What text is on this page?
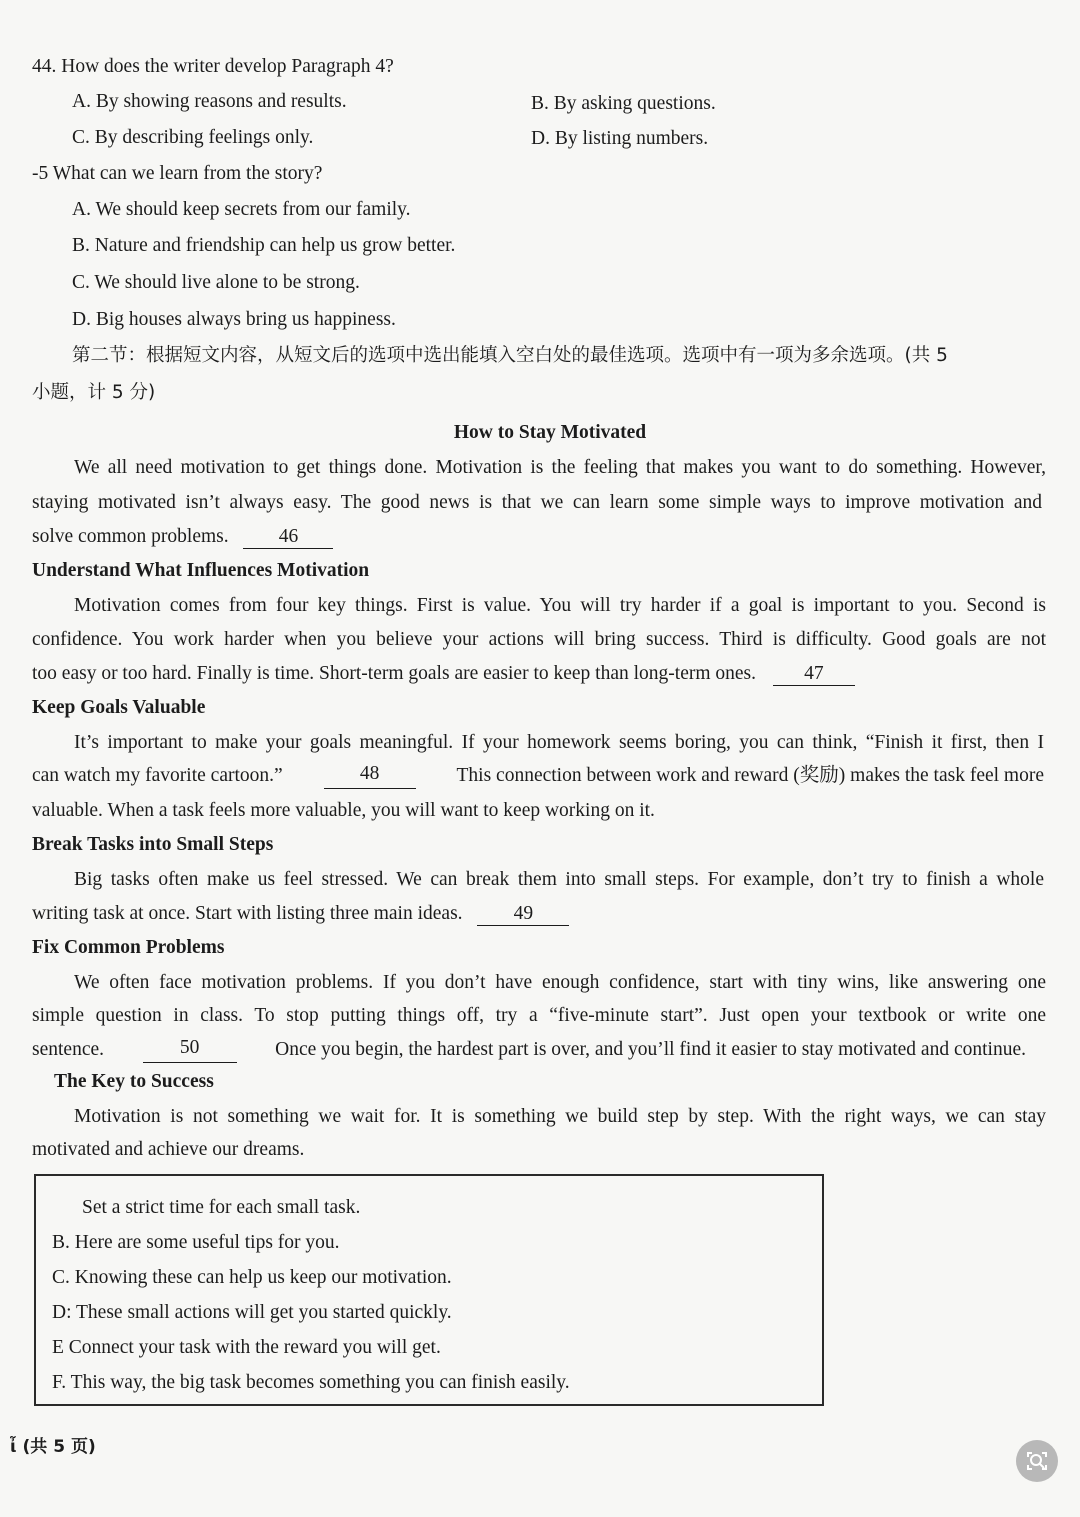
44. How does the writer develop Paragraph 4?
A. By showing reasons and results.	B. By asking questions.
C. By describing feelings only.	D. By listing numbers.
-5 What can we learn from the story?
A. We should keep secrets from our family.
B. Nature and friendship can help us grow better.
C. We should live alone to be strong.
D. Big houses always bring us happiness.
第二节：根据短文内容，从短文后的选项中选出能填入空白处的最佳选项。选项中有一项为多余选项。(共 5
小题，计 5 分)
How to Stay Motivated
We all need motivation to get things done. Motivation is the feeling that makes you want to do something. However,
staying motivated isn’t always easy. The good news is that we can learn some simple ways to improve motivation and
solve common problems.	46
Understand What Influences Motivation
Motivation comes from four key things. First is value. You will try harder if a goal is important to you. Second is
confidence. You work harder when you believe your actions will bring success. Third is difficulty. Good goals are not
too easy or too hard. Finally is time. Short-term goals are easier to keep than long-term ones. 47
Keep Goals Valuable
It’s important to make your goals meaningful. If your homework seems boring, you can think, “Finish it first, then I
can watch my favorite cartoon.”	48	This connection between work and reward (奖励) makes the task feel more
valuable. When a task feels more valuable, you will want to keep working on it.
Break Tasks into Small Steps
Big tasks often make us feel stressed. We can break them into small steps. For example, don’t try to finish a whole
writing task at once. Start with listing three main ideas.	49
Fix Common Problems
We often face motivation problems. If you don’t have enough confidence, start with tiny wins, like answering one
simple question in class. To stop putting things off, try a “five-minute start”. Just open your textbook or write one
sentence.	50	Once you begin, the hardest part is over, and you’ll find it easier to stay motivated and continue.
The Key to Success
Motivation is not something we wait for. It is something we build step by step. With the right ways, we can stay
motivated and achieve our dreams.
Set a strict time for each small task.
B. Here are some useful tips for you.
C. Knowing these can help us keep our motivation.
D: These small actions will get you started quickly.
E Connect your task with the reward you will get.
F. This way, the big task becomes something you can finish easily.
ἶ (共 5 页)
